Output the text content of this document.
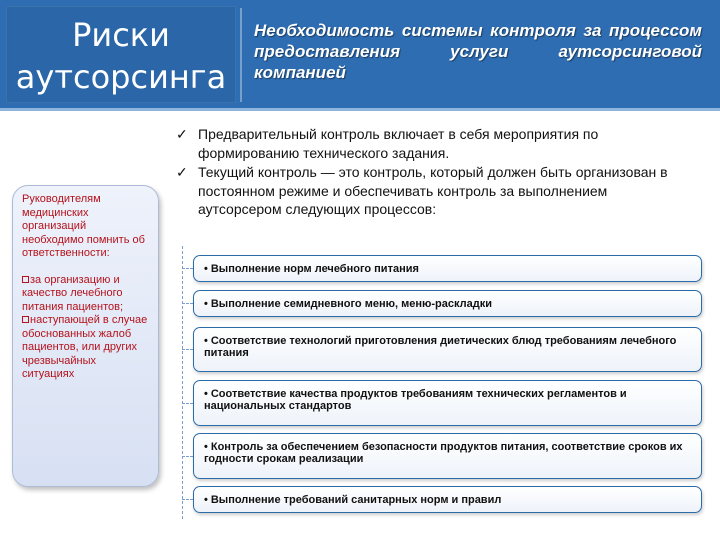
Риски
аутсорсинга
Необходимость системы контроля за процессом предоставления услуги аутсорсинговой компанией

Руководителям медицинских организаций необходимо помнить об ответственности:

за организацию и качество лечебного питания пациентов;

наступающей в случае обоснованных жалоб пациентов, или других чрезвычайных ситуациях

✓ Предварительный контроль включает в себя мероприятия по формированию технического задания.
✓ Текущий контроль — это контроль, который должен быть организован в постоянном режиме и обеспечивать контроль за выполнением аутсорсером следующих процессов:
• Выполнение норм лечебного питания
• Выполнение семидневного меню, меню-раскладки
• Соответствие технологий приготовления диетических блюд требованиям лечебного питания
• Соответствие качества продуктов требованиям технических регламентов и национальных стандартов
• Контроль за обеспечением безопасности продуктов питания, соответствие сроков их годности срокам реализации
• Выполнение требований санитарных норм и правил
